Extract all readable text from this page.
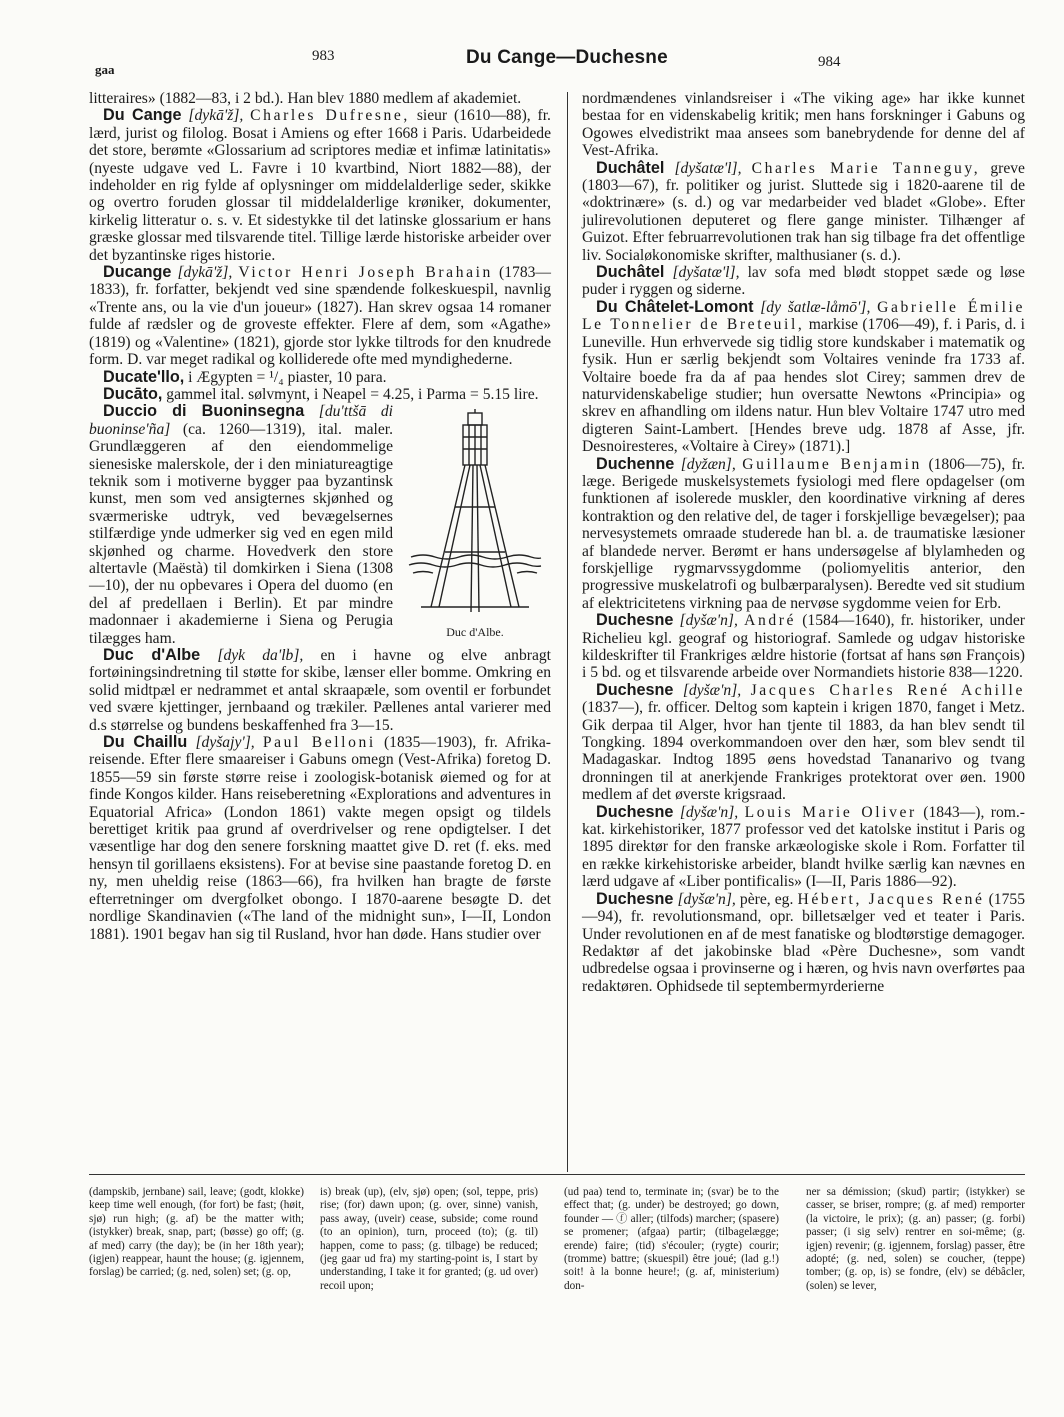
gaa
983	Du Cange—Duchesne	984

litteraires» (1882—83, i 2 bd.). Han blev 1880 medlem af akademiet.

Du Cange [dykā'ž], Charles Dufresne, sieur (1610—88), fr. lærd, jurist og filolog. Bosat i Amiens og efter 1668 i Paris. Udarbeidede det store, berømte «Glossarium ad scriptores mediæ et infimæ latinitatis» (nyeste udgave ved L. Favre i 10 kvartbind, Niort 1882—88), der indeholder en rig fylde af oplysninger om middelalderlige seder, skikke og overtro foruden glossar til middelalderlige krøniker, dokumenter, kirkelig litteratur o. s. v. Et sidestykke til det latinske glossarium er hans græske glossar med tilsvarende titel. Tillige lærde historiske arbeider over det byzantinske riges historie.

Ducange [dykā'ž], Victor Henri Joseph Brahain (1783—1833), fr. forfatter, bekjendt ved sine spændende folkeskuespil, navnlig «Trente ans, ou la vie d'un joueur» (1827). Han skrev ogsaa 14 romaner fulde af rædsler og de groveste effekter. Flere af dem, som «Agathe» (1819) og «Valentine» (1821), gjorde stor lykke tiltrods for den knudrede form. D. var meget radikal og kolliderede ofte med myndighederne.

Ducate'llo, i Ægypten = ¹/₄ piaster, 10 para.

Ducāto, gammel ital. sølvmynt, i Neapel = 4.25, i Parma = 5.15 lire.

Duc d'Albe.

Duccio di Buoninsegna [du'ttšā di buoninse'ña] (ca. 1260—1319), ital. maler. Grundlæggeren af den eiendommelige sienesiske malerskole, der i den miniatureagtige teknik som i motiverne bygger paa byzantinsk kunst, men som ved ansigternes skjønhed og sværmeriske udtryk, ved bevægelsernes stilfærdige ynde udmerker sig ved en egen mild skjønhed og charme. Hovedverk den store altertavle (Maëstà) til domkirken i Siena (1308—10), der nu opbevares i Opera del duomo (en del af predellaen i Berlin). Et par mindre madonnaer i akademierne i Siena og Perugia tilægges ham.

Duc d'Albe [dyk da'lb], en i havne og elve anbragt fortøiningsindretning til støtte for skibe, lænser eller bomme. Omkring en solid midtpæl er nedrammet et antal skraapæle, som oventil er forbundet ved svære kjettinger, jernbaand og trækiler. Pællenes antal varierer med d.s størrelse og bundens beskaffenhed fra 3—15.

Du Chaillu [dyšajy'], Paul Belloni (1835—1903), fr. Afrika-reisende. Efter flere smaareiser i Gabuns omegn (Vest-Afrika) foretog D. 1855—59 sin første større reise i zoologisk-botanisk øiemed og for at finde Kongos kilder. Hans reiseberetning «Explorations and adventures in Equatorial Africa» (London 1861) vakte megen opsigt og tildels berettiget kritik paa grund af overdrivelser og rene opdigtelser. I det væsentlige har dog den senere forskning maattet give D. ret (f. eks. med hensyn til gorillaens eksistens). For at bevise sine paastande foretog D. en ny, men uheldig reise (1863—66), fra hvilken han bragte de første efterretninger om dvergfolket obongo. I 1870-aarene besøgte D. det nordlige Skandinavien («The land of the midnight sun», I—II, London 1881). 1901 begav han sig til Rusland, hvor han døde. Hans studier over

nordmændenes vinlandsreiser i «The viking age» har ikke kunnet bestaa for en videnskabelig kritik; men hans forskninger i Gabuns og Ogowes elvedistrikt maa ansees som banebrydende for denne del af Vest-Afrika.

Duchâtel [dyšatæ'l], Charles Marie Tanneguy, greve (1803—67), fr. politiker og jurist. Sluttede sig i 1820-aarene til de «doktrinære» (s. d.) og var medarbeider ved bladet «Globe». Efter julirevolutionen deputeret og flere gange minister. Tilhænger af Guizot. Efter februarrevolutionen trak han sig tilbage fra det offentlige liv. Socialøkonomiske skrifter, malthusianer (s. d.).

Duchâtel [dyšatæ'l], lav sofa med blødt stoppet sæde og løse puder i ryggen og siderne.

Du Châtelet-Lomont [dy šatlæ-låmō'], Gabrielle Émilie Le Tonnelier de Breteuil, markise (1706—49), f. i Paris, d. i Luneville. Hun erhvervede sig tidlig store kundskaber i matematik og fysik. Hun er særlig bekjendt som Voltaires veninde fra 1733 af. Voltaire boede fra da af paa hendes slot Cirey; sammen drev de naturvidenskabelige studier; hun oversatte Newtons «Principia» og skrev en afhandling om ildens natur. Hun blev Voltaire 1747 utro med digteren Saint-Lambert. [Hendes breve udg. 1878 af Asse, jfr. Desnoiresteres, «Voltaire à Cirey» (1871).]

Duchenne [dyžæn], Guillaume Benjamin (1806—75), fr. læge. Berigede muskelsystemets fysiologi med flere opdagelser (om funktionen af isolerede muskler, den koordinative virkning af deres kontraktion og den relative del, de tager i forskjellige bevægelser); paa nervesystemets omraade studerede han bl. a. de traumatiske læsioner af blandede nerver. Berømt er hans undersøgelse af blylamheden og forskjellige rygmarvssygdomme (poliomyelitis anterior, den progressive muskelatrofi og bulbærparalysen). Beredte ved sit studium af elektricitetens virkning paa de nervøse sygdomme veien for Erb.

Duchesne [dyšæ'n], André (1584—1640), fr. historiker, under Richelieu kgl. geograf og historiograf. Samlede og udgav historiske kildeskrifter til Frankriges ældre historie (fortsat af hans søn François) i 5 bd. og et tilsvarende arbeide over Normandiets historie 838—1220.

Duchesne [dyšæ'n], Jacques Charles René Achille (1837—), fr. officer. Deltog som kaptein i krigen 1870, fanget i Metz. Gik derpaa til Alger, hvor han tjente til 1883, da han blev sendt til Tongking. 1894 overkommandoen over den hær, som blev sendt til Madagaskar. Indtog 1895 øens hovedstad Tananarivo og tvang dronningen til at anerkjende Frankriges protektorat over øen. 1900 medlem af det øverste krigsraad.

Duchesne [dyšæ'n], Louis Marie Oliver (1843—), rom.-kat. kirkehistoriker, 1877 professor ved det katolske institut i Paris og 1895 direktør for den franske arkæologiske skole i Rom. Forfatter til en række kirkehistoriske arbeider, blandt hvilke særlig kan nævnes en lærd udgave af «Liber pontificalis» (I—II, Paris 1886—92).

Duchesne [dyšæ'n], père, eg. Hébert, Jacques René (1755—94), fr. revolutionsmand, opr. billetsælger ved et teater i Paris. Under revolutionen en af de mest fanatiske og blodtørstige demagoger. Redaktør af det jakobinske blad «Père Duchesne», som vandt udbredelse ogsaa i provinserne og i hæren, og hvis navn overførtes paa redaktøren. Ophidsede til septembermyrderierne

(dampskib, jernbane) sail, leave; (godt, klokke) keep time well enough, (for fort) be fast; (høit, sjø) run high; (g. af) be the matter with; (istykker) break, snap, part; (bøsse) go off; (g. af med) carry (the day); be (in her 18th year); (igjen) reappear, haunt the house; (g. igjennem, forslag) be carried; (g. ned, solen) set; (g. op,
is) break (up), (elv, sjø) open; (sol, teppe, pris) rise; (for) dawn upon; (g. over, sinne) vanish, pass away, (uveir) cease, subside; come round (to an opinion), turn, proceed (to); (g. til) happen, come to pass; (g. tilbage) be reduced; (jeg gaar ud fra) my starting-point is, I start by understanding, I take it for granted; (g. ud over) recoil upon;
(ud paa) tend to, terminate in; (svar) be to the effect that; (g. under) be destroyed; go down, founder — ⓕ aller; (tilfods) marcher; (spasere) se promener; (afgaa) partir; (tilbagelægge; erende) faire; (tid) s'écouler; (rygte) courir; (tromme) battre; (skuespil) être joué; (lad g.!) soit! à la bonne heure!; (g. af, ministerium) don-
ner sa démission; (skud) partir; (istykker) se casser, se briser, rompre; (g. af med) remporter (la victoire, le prix); (g. an) passer; (g. forbi) passer; (i sig selv) rentrer en soi-même; (g. igjen) revenir; (g. igjennem, forslag) passer, être adopté; (g. ned, solen) se coucher, (teppe) tomber; (g. op, is) se fondre, (elv) se débâcler, (solen) se lever,
